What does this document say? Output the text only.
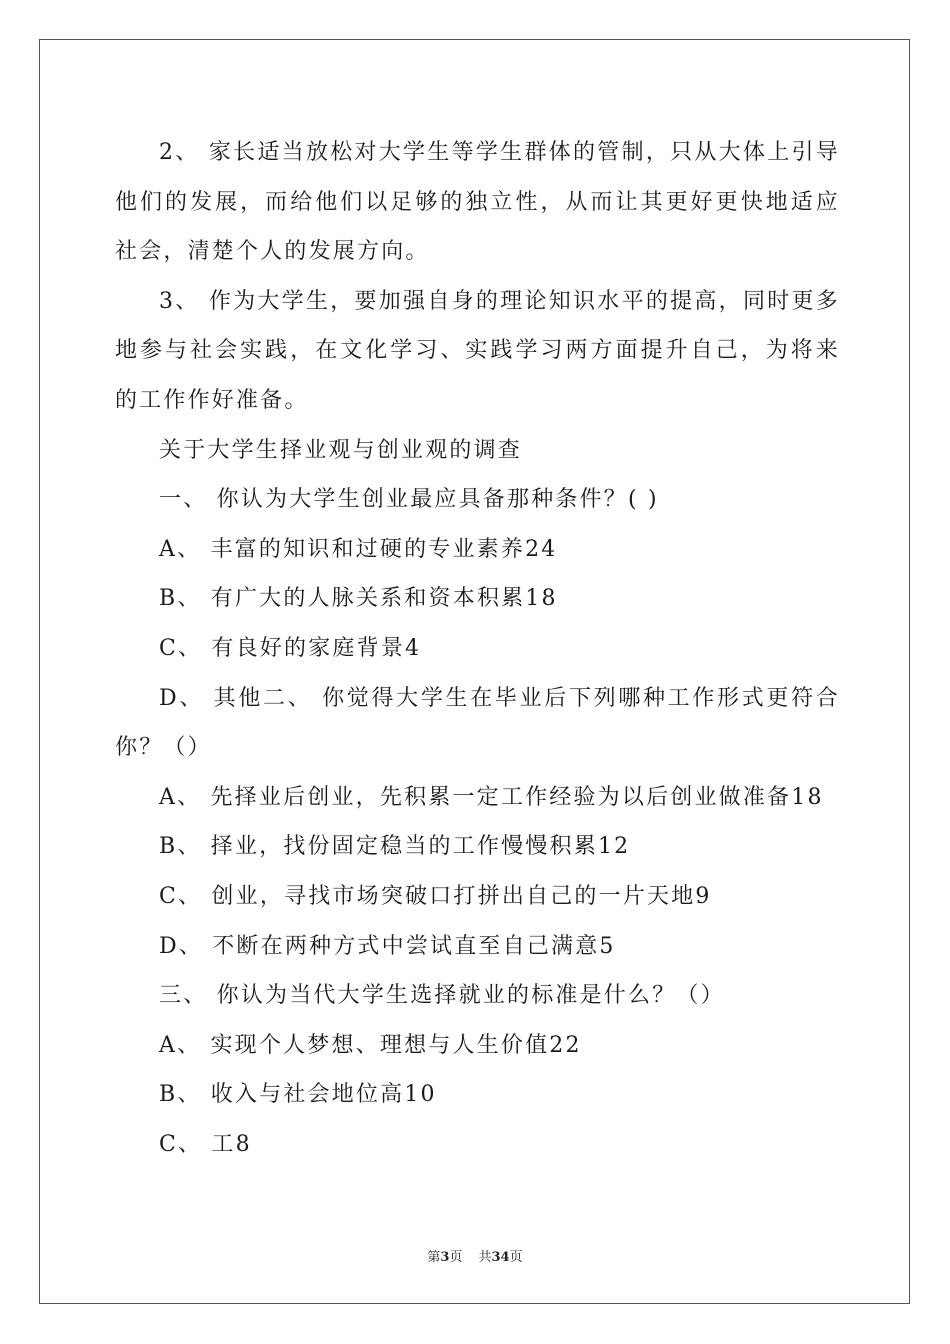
2、 家长适当放松对大学生等学生群体的管制，只从大体上引导他们的发展，而给他们以足够的独立性，从而让其更好更快地适应社会，清楚个人的发展方向。

3、 作为大学生，要加强自身的理论知识水平的提高，同时更多地参与社会实践，在文化学习、实践学习两方面提升自己，为将来的工作作好准备。

关于大学生择业观与创业观的调查

一、 你认为大学生创业最应具备那种条件？( )

A、 丰富的知识和过硬的专业素养24

B、 有广大的人脉关系和资本积累18

C、 有良好的家庭背景4

D、 其他二、 你觉得大学生在毕业后下列哪种工作形式更符合你？（）

A、 先择业后创业，先积累一定工作经验为以后创业做准备18

B、 择业，找份固定稳当的工作慢慢积累12

C、 创业，寻找市场突破口打拼出自己的一片天地9

D、 不断在两种方式中尝试直至自己满意5

三、 你认为当代大学生选择就业的标准是什么？（）

A、 实现个人梦想、理想与人生价值22

B、 收入与社会地位高10

C、 工8

第3页 共34页
